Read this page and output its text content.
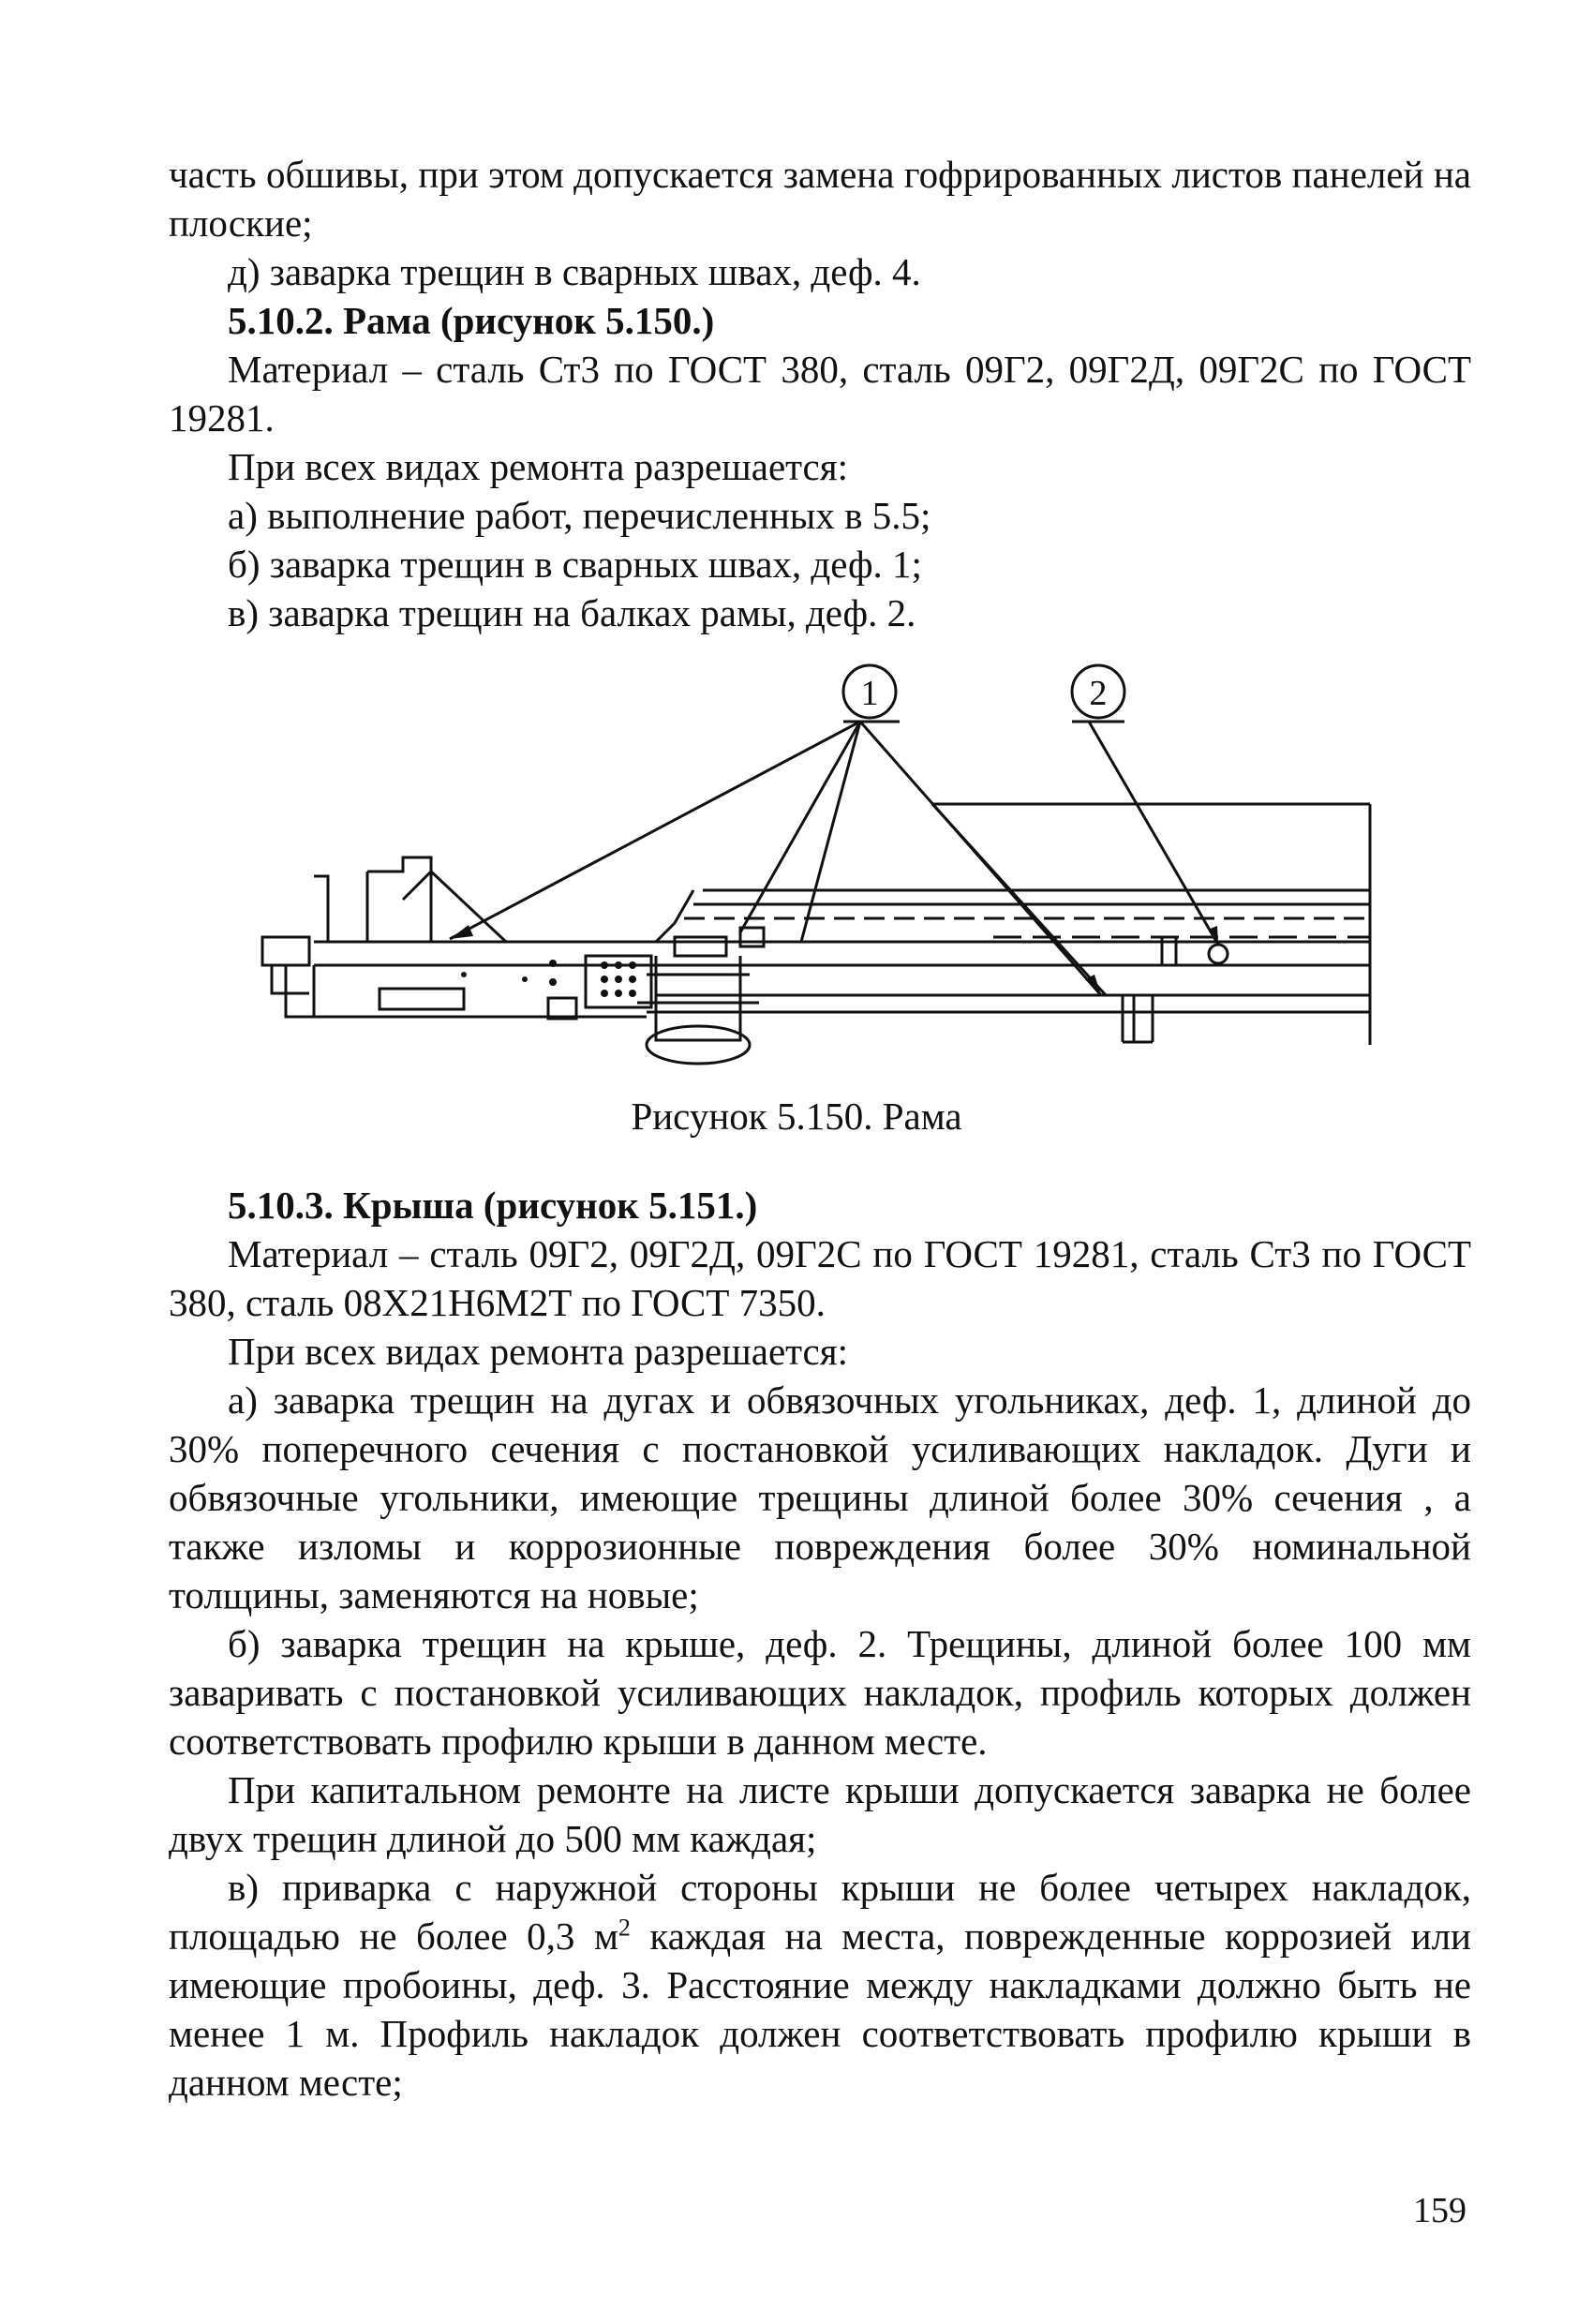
часть обшивы, при этом допускается замена гофрированных листов панелей на плоские;

д) заварка трещин в сварных швах, деф. 4.

5.10.2. Рама (рисунок 5.150.)

Материал – сталь Ст3 по ГОСТ 380, сталь 09Г2, 09Г2Д, 09Г2С по ГОСТ 19281.

При всех видах ремонта разрешается:

а) выполнение работ, перечисленных в 5.5;

б) заварка трещин в сварных швах, деф. 1;

в) заварка трещин на балках рамы, деф. 2.

1	2
Рисунок 5.150. Рама

5.10.3. Крыша (рисунок 5.151.)

Материал – сталь 09Г2, 09Г2Д, 09Г2С по ГОСТ 19281, сталь Ст3 по ГОСТ 380, сталь 08Х21Н6М2Т по ГОСТ 7350.

При всех видах ремонта разрешается:

а) заварка трещин на дугах и обвязочных угольниках, деф. 1, длиной до 30% поперечного сечения с постановкой усиливающих накладок. Дуги и обвязочные угольники, имеющие трещины длиной более 30% сечения , а также изломы и коррозионные повреждения более 30% номинальной толщины, заменяются на новые;

б) заварка трещин на крыше, деф. 2. Трещины, длиной более 100 мм заваривать с постановкой усиливающих накладок, профиль которых должен соответствовать профилю крыши в данном месте.

При капитальном ремонте на листе крыши допускается заварка не более двух трещин длиной до 500 мм каждая;

в) приварка с наружной стороны крыши не более четырех накладок, площадью не более 0,3 $м^2$ каждая на места, поврежденные коррозией или имеющие пробоины, деф. 3. Расстояние между накладками должно быть не менее 1 м. Профиль накладок должен соответствовать профилю крыши в данном месте;

159
